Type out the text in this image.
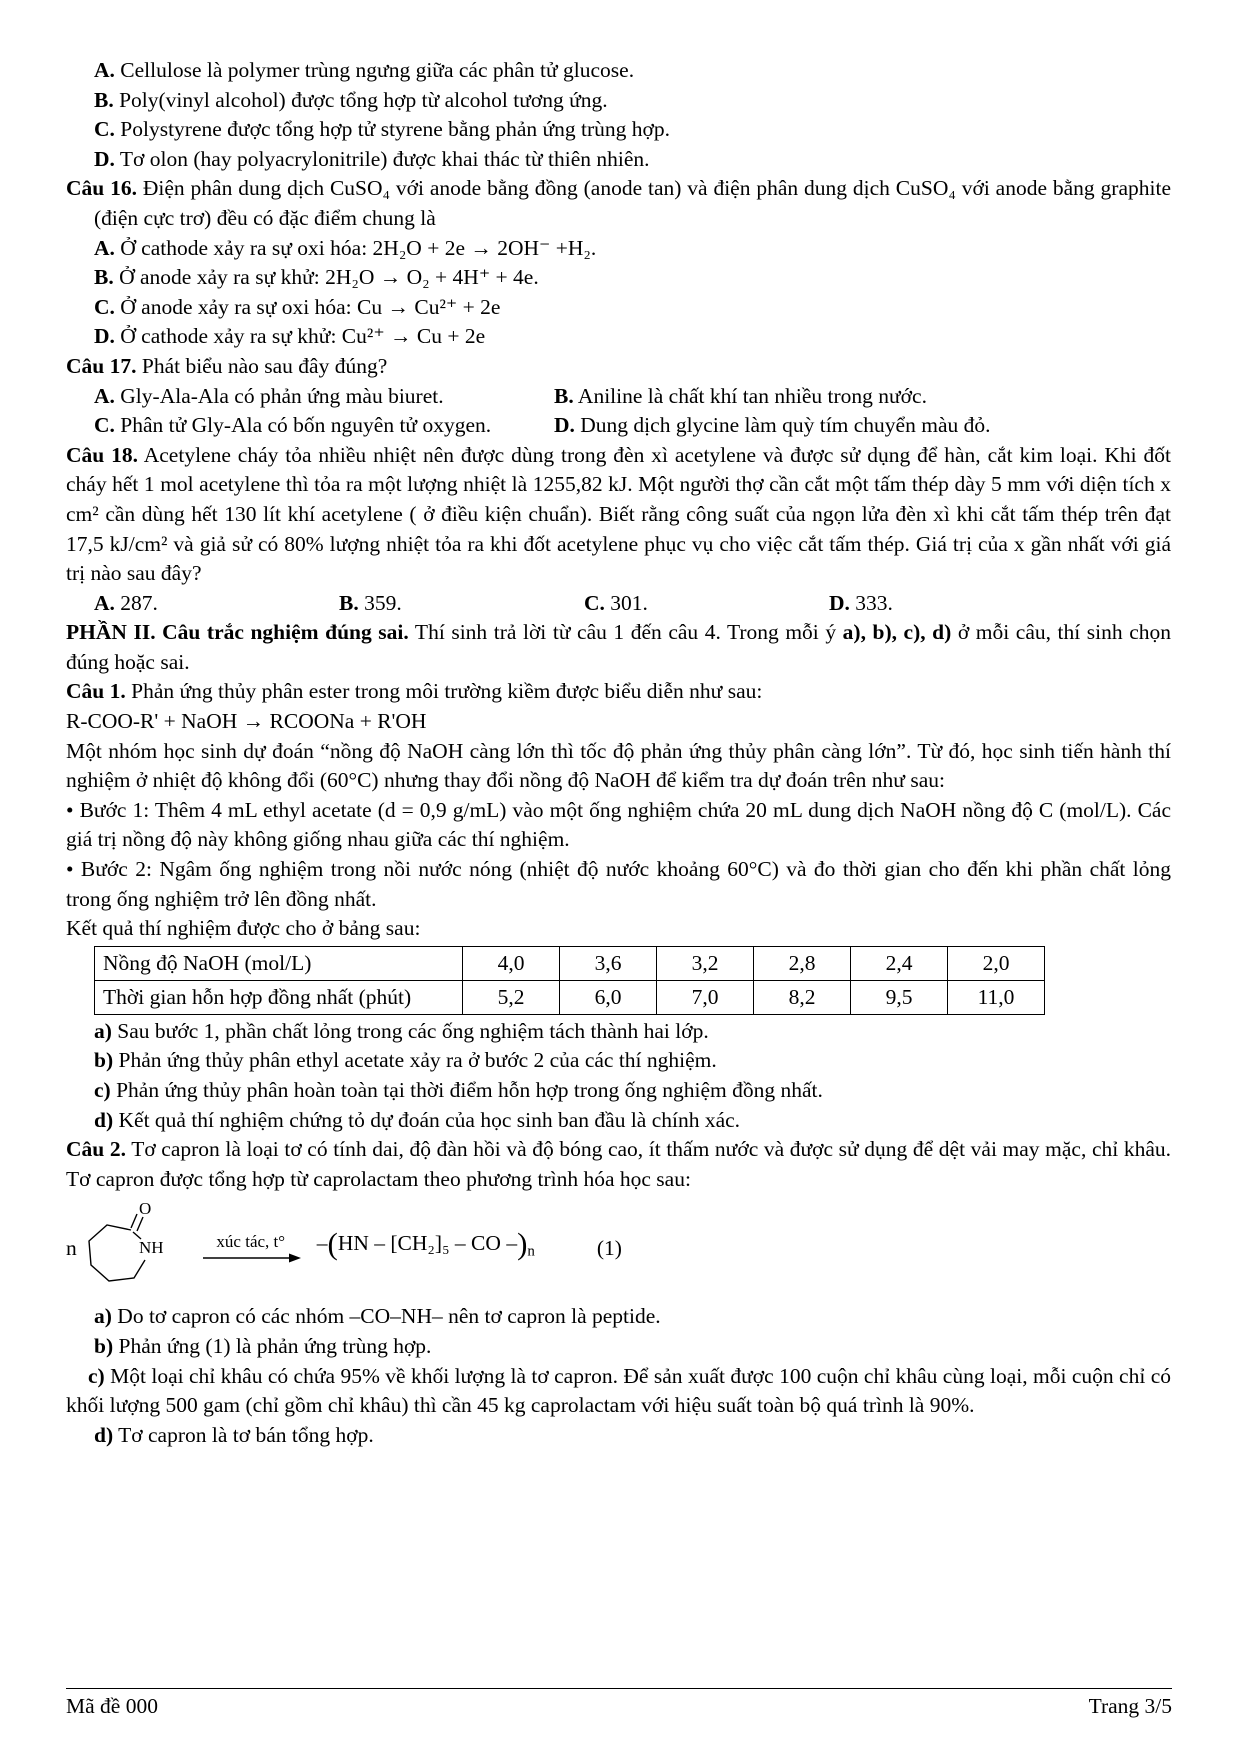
A. Cellulose là polymer trùng ngưng giữa các phân tử glucose.
B. Poly(vinyl alcohol) được tổng hợp từ alcohol tương ứng.
C. Polystyrene được tổng hợp tử styrene bằng phản ứng trùng hợp.
D. Tơ olon (hay polyacrylonitrile) được khai thác từ thiên nhiên.

Câu 16. Điện phân dung dịch CuSO₄ với anode bằng đồng (anode tan) và điện phân dung dịch CuSO₄ với anode bằng graphite (điện cực trơ) đều có đặc điểm chung là

A. Ở cathode xảy ra sự oxi hóa: 2H₂O + 2e → 2OH⁻ +H₂.
B. Ở anode xảy ra sự khử: 2H₂O → O₂ + 4H⁺ + 4e.
C. Ở anode xảy ra sự oxi hóa: Cu → Cu²⁺ + 2e
D. Ở cathode xảy ra sự khử: Cu²⁺ → Cu + 2e

Câu 17. Phát biểu nào sau đây đúng?

A. Gly-Ala-Ala có phản ứng màu biuret.	B. Aniline là chất khí tan nhiều trong nước.
C. Phân tử Gly-Ala có bốn nguyên tử oxygen.	D. Dung dịch glycine làm quỳ tím chuyển màu đỏ.

Câu 18. Acetylene cháy tỏa nhiều nhiệt nên được dùng trong đèn xì acetylene và được sử dụng để hàn, cắt kim loại. Khi đốt cháy hết 1 mol acetylene thì tỏa ra một lượng nhiệt là 1255,82 kJ. Một người thợ cần cắt một tấm thép dày 5 mm với diện tích x cm² cần dùng hết 130 lít khí acetylene ( ở điều kiện chuẩn). Biết rằng công suất của ngọn lửa đèn xì khi cắt tấm thép trên đạt 17,5 kJ/cm² và giả sử có 80% lượng nhiệt tỏa ra khi đốt acetylene phục vụ cho việc cắt tấm thép. Giá trị của x gần nhất với giá trị nào sau đây?

A. 287.	B. 359.	C. 301.	D. 333.

PHẦN II. Câu trắc nghiệm đúng sai. Thí sinh trả lời từ câu 1 đến câu 4. Trong mỗi ý a), b), c), d) ở mỗi câu, thí sinh chọn đúng hoặc sai.

Câu 1. Phản ứng thủy phân ester trong môi trường kiềm được biểu diễn như sau:

R-COO-R' + NaOH → RCOONa + R'OH

Một nhóm học sinh dự đoán “nồng độ NaOH càng lớn thì tốc độ phản ứng thủy phân càng lớn”. Từ đó, học sinh tiến hành thí nghiệm ở nhiệt độ không đổi (60°C) nhưng thay đổi nồng độ NaOH để kiểm tra dự đoán trên như sau:

• Bước 1: Thêm 4 mL ethyl acetate (d = 0,9 g/mL) vào một ống nghiệm chứa 20 mL dung dịch NaOH nồng độ C (mol/L). Các giá trị nồng độ này không giống nhau giữa các thí nghiệm.

• Bước 2: Ngâm ống nghiệm trong nồi nước nóng (nhiệt độ nước khoảng 60°C) và đo thời gian cho đến khi phần chất lỏng trong ống nghiệm trở lên đồng nhất.

Kết quả thí nghiệm được cho ở bảng sau:

Nồng độ NaOH (mol/L)	4,0	3,6	3,2	2,8	2,4	2,0
Thời gian hỗn hợp đồng nhất (phút)	5,2	6,0	7,0	8,2	9,5	11,0
a) Sau bước 1, phần chất lỏng trong các ống nghiệm tách thành hai lớp.
b) Phản ứng thủy phân ethyl acetate xảy ra ở bước 2 của các thí nghiệm.
c) Phản ứng thủy phân hoàn toàn tại thời điểm hỗn hợp trong ống nghiệm đồng nhất.
d) Kết quả thí nghiệm chứng tỏ dự đoán của học sinh ban đầu là chính xác.

Câu 2. Tơ capron là loại tơ có tính dai, độ đàn hồi và độ bóng cao, ít thấm nước và được sử dụng để dệt vải may mặc, chỉ khâu. Tơ capron được tổng hợp từ caprolactam theo phương trình hóa học sau:

n
O
NH	xúc tác, t° –(HN – [CH₂]₅ – CO $-)_n$	(1)
a) Do tơ capron có các nhóm –CO–NH– nên tơ capron là peptide.
b) Phản ứng (1) là phản ứng trùng hợp.

c) Một loại chỉ khâu có chứa 95% về khối lượng là tơ capron. Để sản xuất được 100 cuộn chỉ khâu cùng loại, mỗi cuộn chỉ có khối lượng 500 gam (chỉ gồm chỉ khâu) thì cần 45 kg caprolactam với hiệu suất toàn bộ quá trình là 90%.

d) Tơ capron là tơ bán tổng hợp.
Mã đề 000	Trang 3/5
